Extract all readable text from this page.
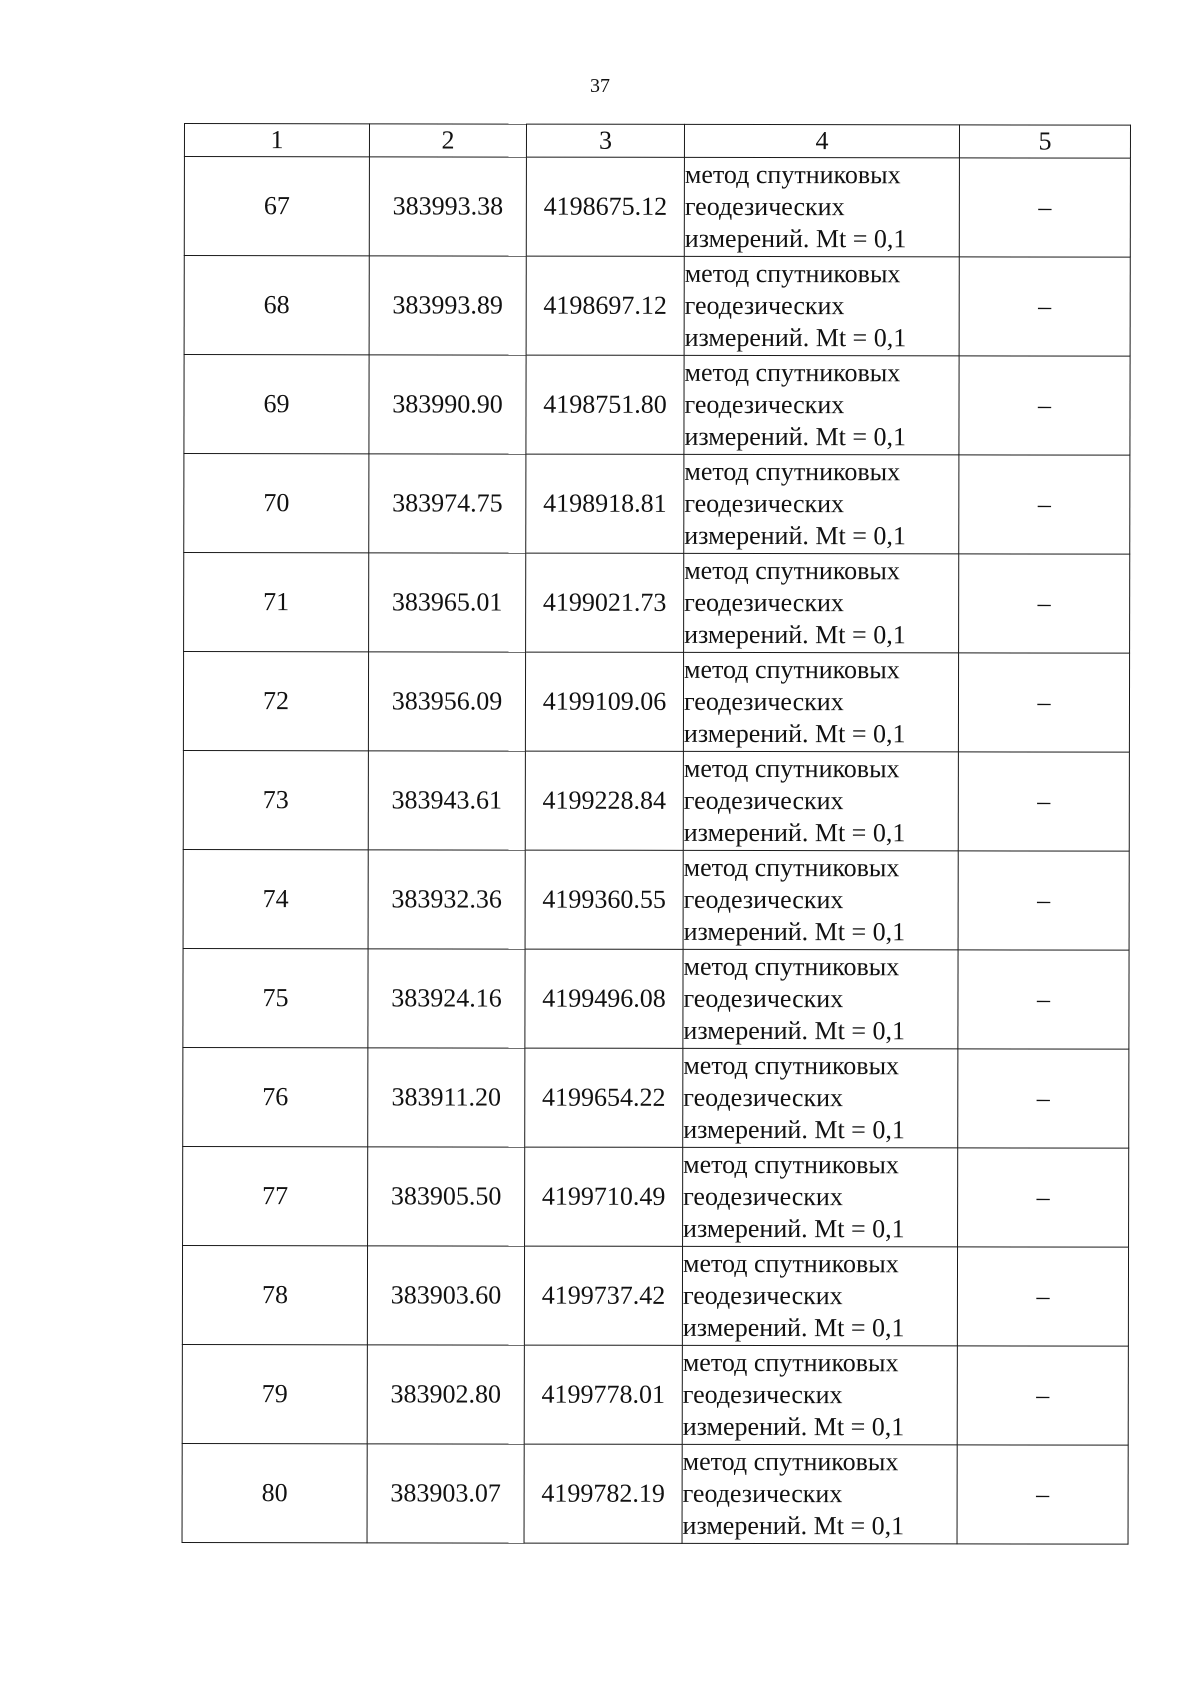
37
1	2	3	4	5
67	383993.38	4198675.12	метод спутниковых
геодезических
измерений. Mt = 0,1	–
68	383993.89	4198697.12	метод спутниковых
геодезических
измерений. Mt = 0,1	–
69	383990.90	4198751.80	метод спутниковых
геодезических
измерений. Mt = 0,1	–
70	383974.75	4198918.81	метод спутниковых
геодезических
измерений. Mt = 0,1	–
71	383965.01	4199021.73	метод спутниковых
геодезических
измерений. Mt = 0,1	–
72	383956.09	4199109.06	метод спутниковых
геодезических
измерений. Mt = 0,1	–
73	383943.61	4199228.84	метод спутниковых
геодезических
измерений. Mt = 0,1	–
74	383932.36	4199360.55	метод спутниковых
геодезических
измерений. Mt = 0,1	–
75	383924.16	4199496.08	метод спутниковых
геодезических
измерений. Mt = 0,1	–
76	383911.20	4199654.22	метод спутниковых
геодезических
измерений. Mt = 0,1	–
77	383905.50	4199710.49	метод спутниковых
геодезических
измерений. Mt = 0,1	–
78	383903.60	4199737.42	метод спутниковых
геодезических
измерений. Mt = 0,1	–
79	383902.80	4199778.01	метод спутниковых
геодезических
измерений. Mt = 0,1	–
80	383903.07	4199782.19	метод спутниковых
геодезических
измерений. Mt = 0,1	–
